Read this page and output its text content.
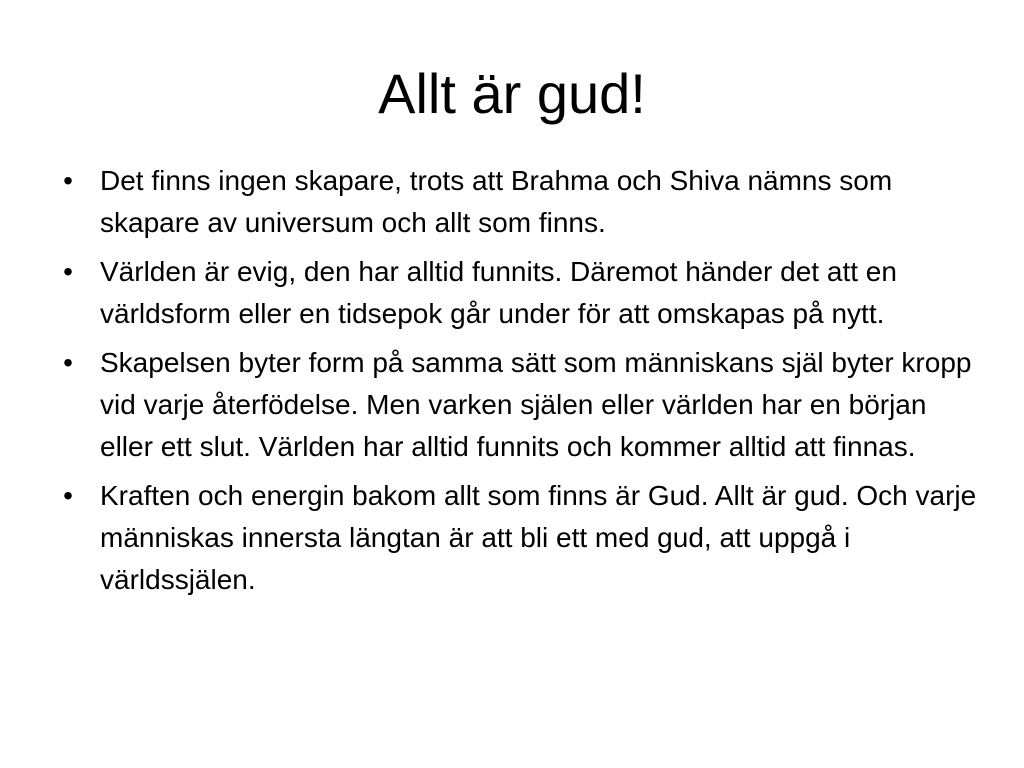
Allt är gud!
• Det finns ingen skapare, trots att Brahma och Shiva nämns som skapare av universum och allt som finns.
• Världen är evig, den har alltid funnits. Däremot händer det att en världsform eller en tidsepok går under för att omskapas på nytt.
• Skapelsen byter form på samma sätt som människans själ byter kropp vid varje återfödelse. Men varken själen eller världen har en början eller ett slut. Världen har alltid funnits och kommer alltid att finnas.
• Kraften och energin bakom allt som finns är Gud. Allt är gud. Och varje människas innersta längtan är att bli ett med gud, att uppgå i världssjälen.
